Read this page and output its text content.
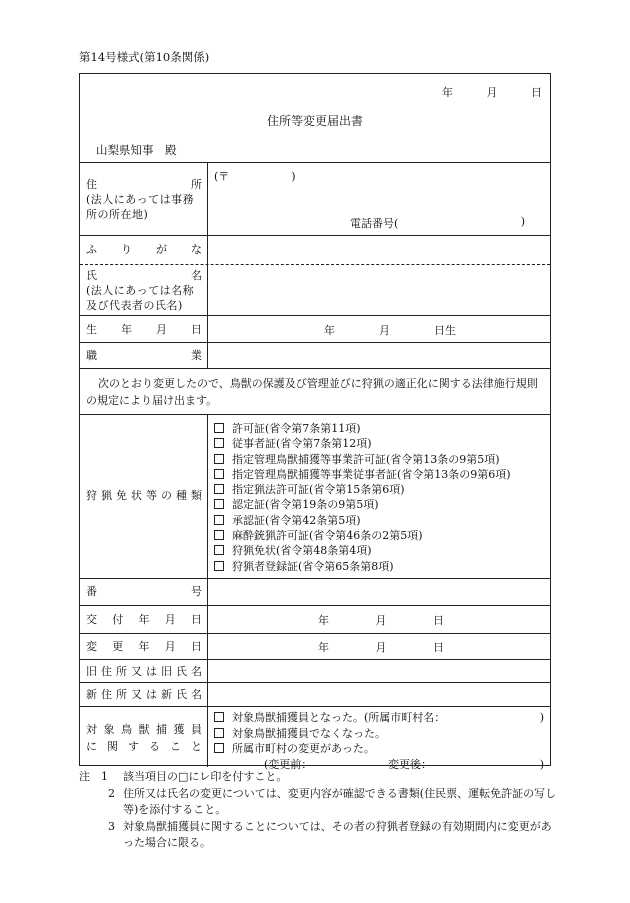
第14号様式(第10条関係)
年	月	日
住所等変更届出書
山梨県知事　殿
住	所
(法人にあっては事務所の所在地)
(〒	)
電話番号(	)
ふ り が な
氏	名
(法人にあっては名称及び代表者の氏名)
生 年 月 日	年	月	日生
職	業
次のとおり変更したので、鳥獣の保護及び管理並びに狩猟の適正化に関する法律施行規則の規定により届け出ます。
狩 猟 免 状 等 の 種 類
許可証(省令第7条第11項)
従事者証(省令第7条第12項)
指定管理鳥獣捕獲等事業許可証(省令第13条の9第5項)
指定管理鳥獣捕獲等事業従事者証(省令第13条の9第6項)
指定猟法許可証(省令第15条第6項)
認定証(省令第19条の9第5項)
承認証(省令第42条第5項)
麻酔銃猟許可証(省令第46条の2第5項)
狩猟免状(省令第48条第4項)
狩猟者登録証(省令第65条第8項)
番	号
交 付 年 月 日	年	月	日
変 更 年 月 日	年	月	日
旧 住 所 又 は 旧 氏 名
新 住 所 又 は 新 氏 名
対 象 鳥 獣 捕 獲 員
に 関 す る こ と
対象鳥獣捕獲員となった。(所属市町村名：	)
対象鳥獣捕獲員でなくなった。
所属市町村の変更があった。
(変更前：	変更後：	)
注　1	該当項目の□にレ印を付すこと。
2 住所又は氏名の変更については、変更内容が確認できる書類(住民票、運転免許証の写し等)を添付すること。
3 対象鳥獣捕獲員に関することについては、その者の狩猟者登録の有効期間内に変更があった場合に限る。
